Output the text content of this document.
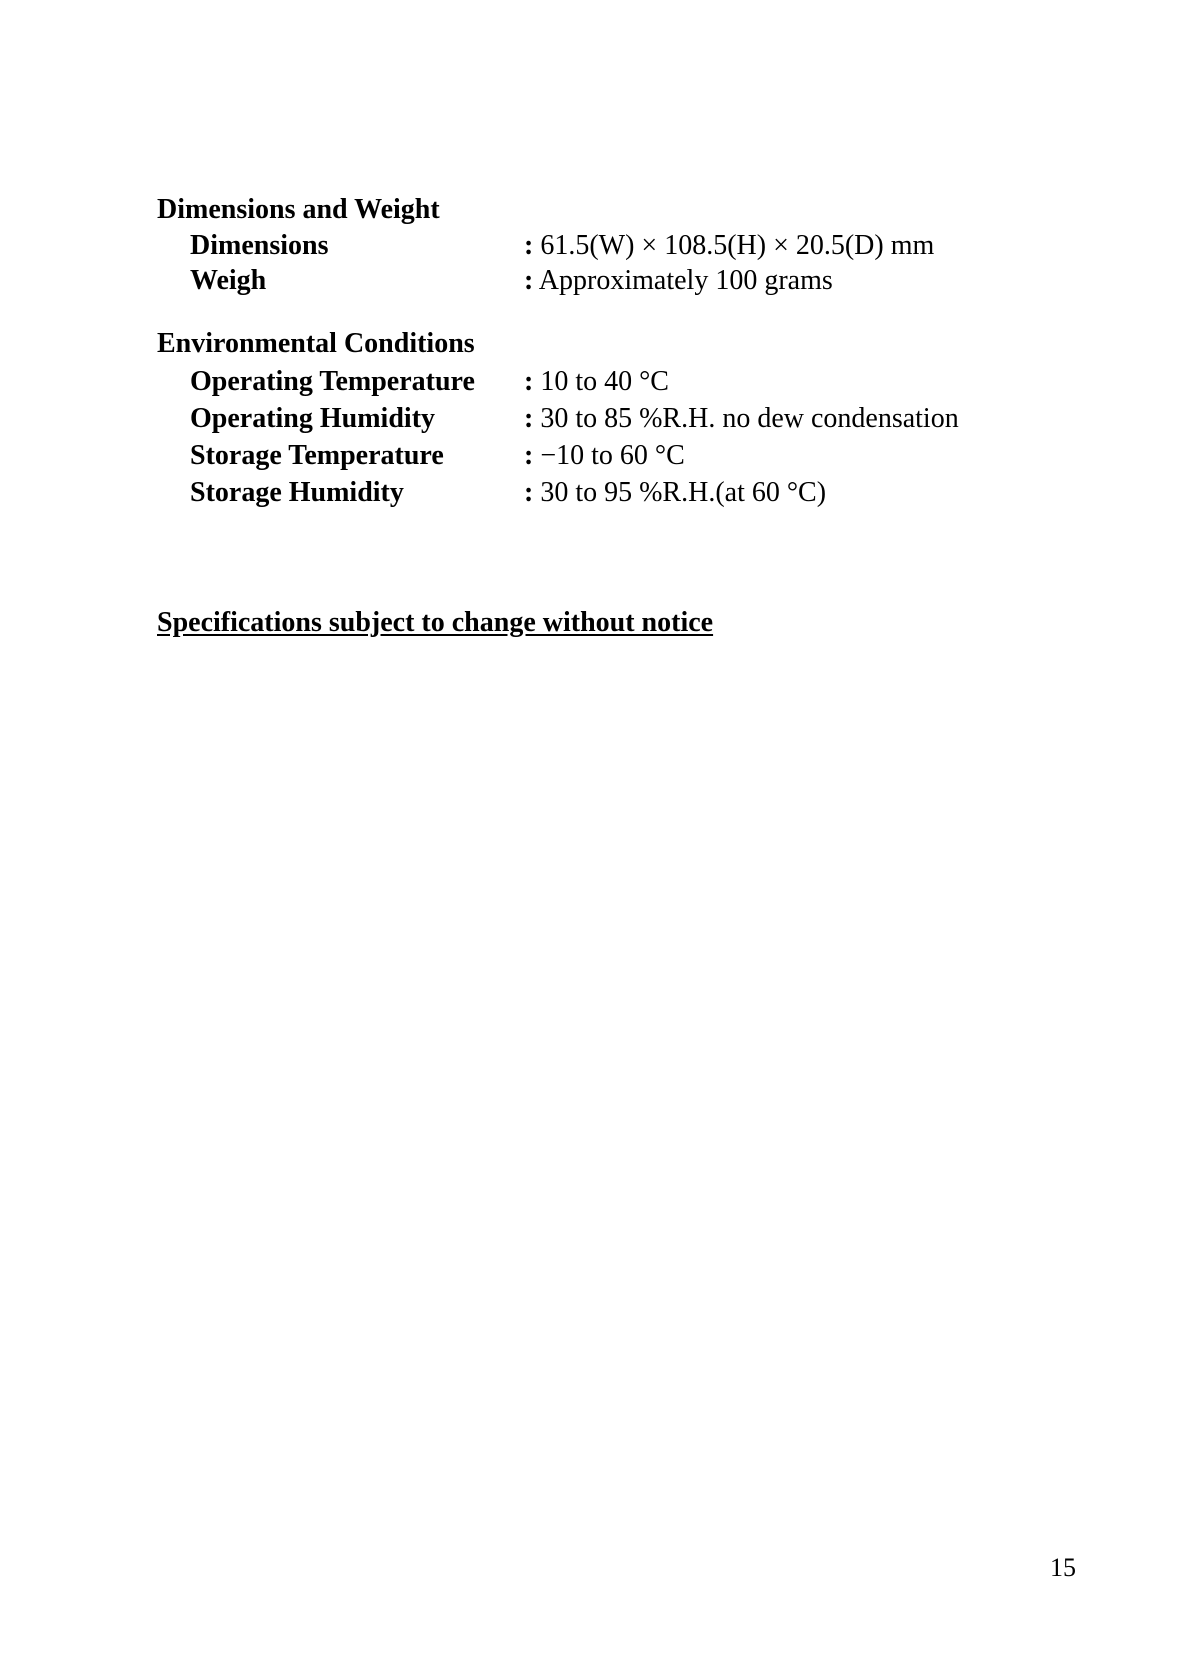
Dimensions and Weight
Dimensions	: 61.5(W) × 108.5(H) × 20.5(D) mm
Weigh	: Approximately 100 grams
Environmental Conditions
Operating Temperature : 10 to 40 °C
Operating Humidity	: 30 to 85 %R.H. no dew condensation
Storage Temperature	: −10 to 60 °C
Storage Humidity	: 30 to 95 %R.H.(at 60 °C)
Specifications subject to change without notice
15
